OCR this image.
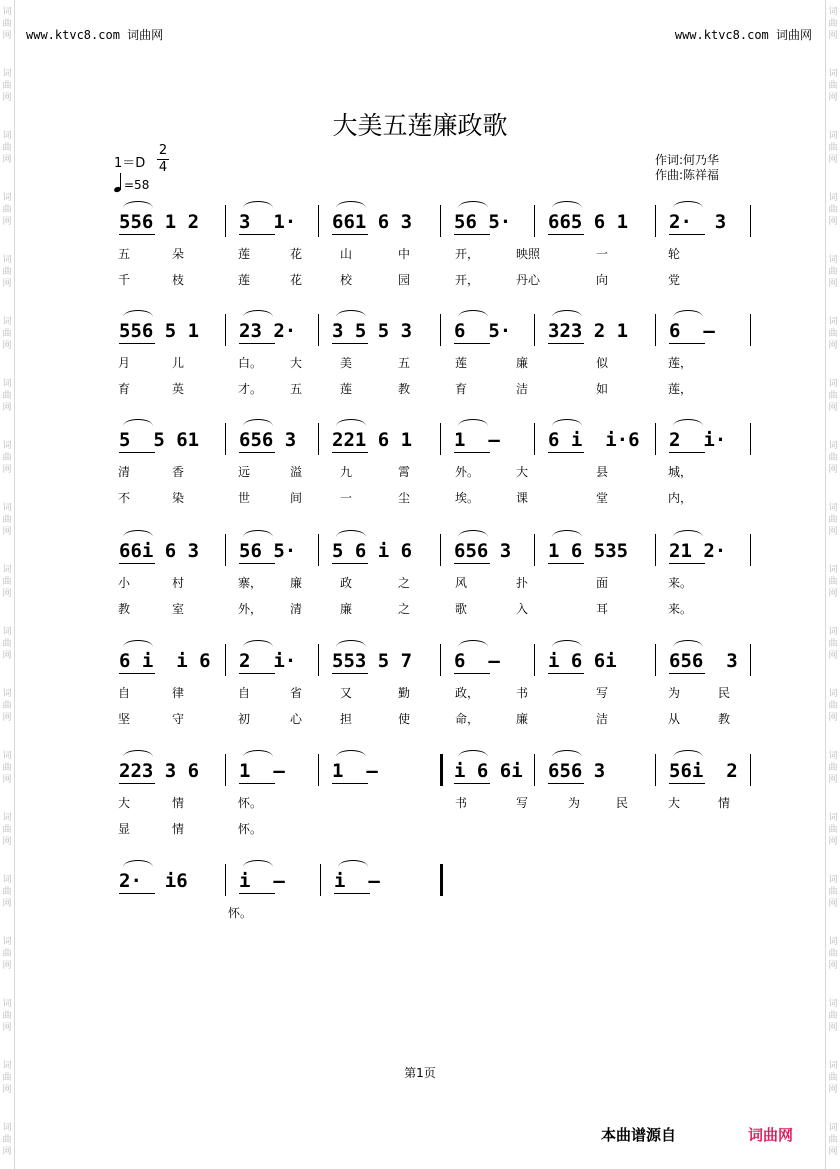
词
曲
网
词
曲
网
词
曲
网
词
曲
网
词
曲
网
词
曲
网
词
曲
网
词
曲
网
词
曲
网
词
曲
网
词
曲
网
词
曲
网
词
曲
网
词
曲
网
词
曲
网
词
曲
网
词
曲
网
词
曲
网
词
曲
网
词
曲
网
词
曲
网
词
曲
网
词
曲
网
词
曲
网
词
曲
网
词
曲
网
词
曲
网
词
曲
网
词
曲
网
词
曲
网
词
曲
网
词
曲
网
词
曲
网
词
曲
网
词
曲
网
词
曲
网
词
曲
网
词
曲
网
www.ktvc8.com 词曲网	www.ktvc8.com 词曲网
大美五莲廉政歌
1＝D
2
4
=58
作词:何乃华
作曲:陈祥福
556 1 2 3  1· 661 6 3 56 5· 665 6 1 2·  3
五	朵	莲	花	山	中	开，	映照	一	轮
千	枝	莲	花	校	园	开，	丹心	向	党
556 5 1 23 2· 3 5 5 3 6  5· 323 2 1 6  –
月	儿	白。 大	美	五	莲	廉	似	莲，
育	英	才。 五	莲	教	育	洁	如	莲，
5  5 61 656 3 221 6 1 1  –	6 i  i·6 2  i·
清	香	远	溢	九	霄	外。	大	县	城，
不	染	世	间	一	尘	埃。	课	堂	内，
66i 6 3 56 5· 5 6 i 6 656 3 1 6 535 21 2·
小	村	寨， 廉	政	之	风	扑	面	来。
教	室	外， 清	廉	之	歌	入	耳	来。
6 i  i 6 2  i· 553 5 7 6  –	i 6 6i	656  3
自	律	自	省	又	勤	政，	书	写	为	民
坚	守	初	心	担	使	命，	廉	洁	从	教
223 3 6 1  – 1  –	i 6 6i 656 3	56i  2
大	情	怀。	书	写	为	民	大	情
显	情	怀。
2·  i6	i  –	i  –
怀。
第1页
本曲谱源自	词曲网
